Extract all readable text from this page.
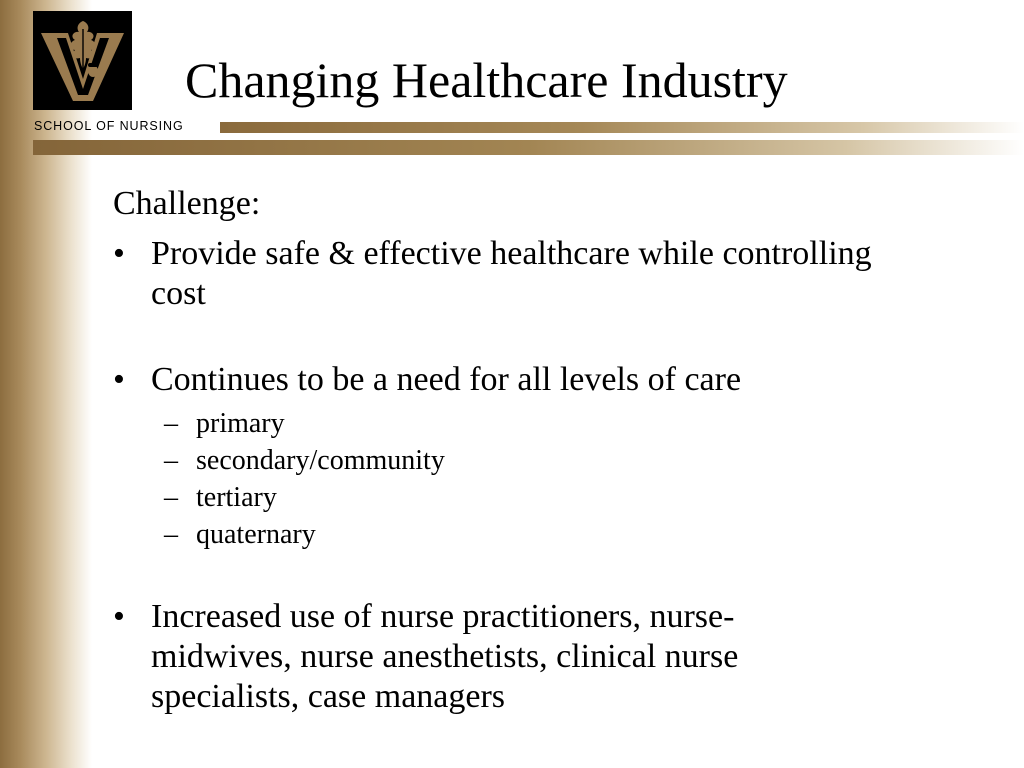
SCHOOL OF NURSING
Changing Healthcare Industry

Challenge:

• Provide safe & effective healthcare while controlling cost
• Continues to be a need for all levels of care
– primary
– secondary/community
– tertiary
– quaternary
• Increased use of nurse practitioners, nurse-midwives, nurse anesthetists, clinical nurse specialists, case managers
